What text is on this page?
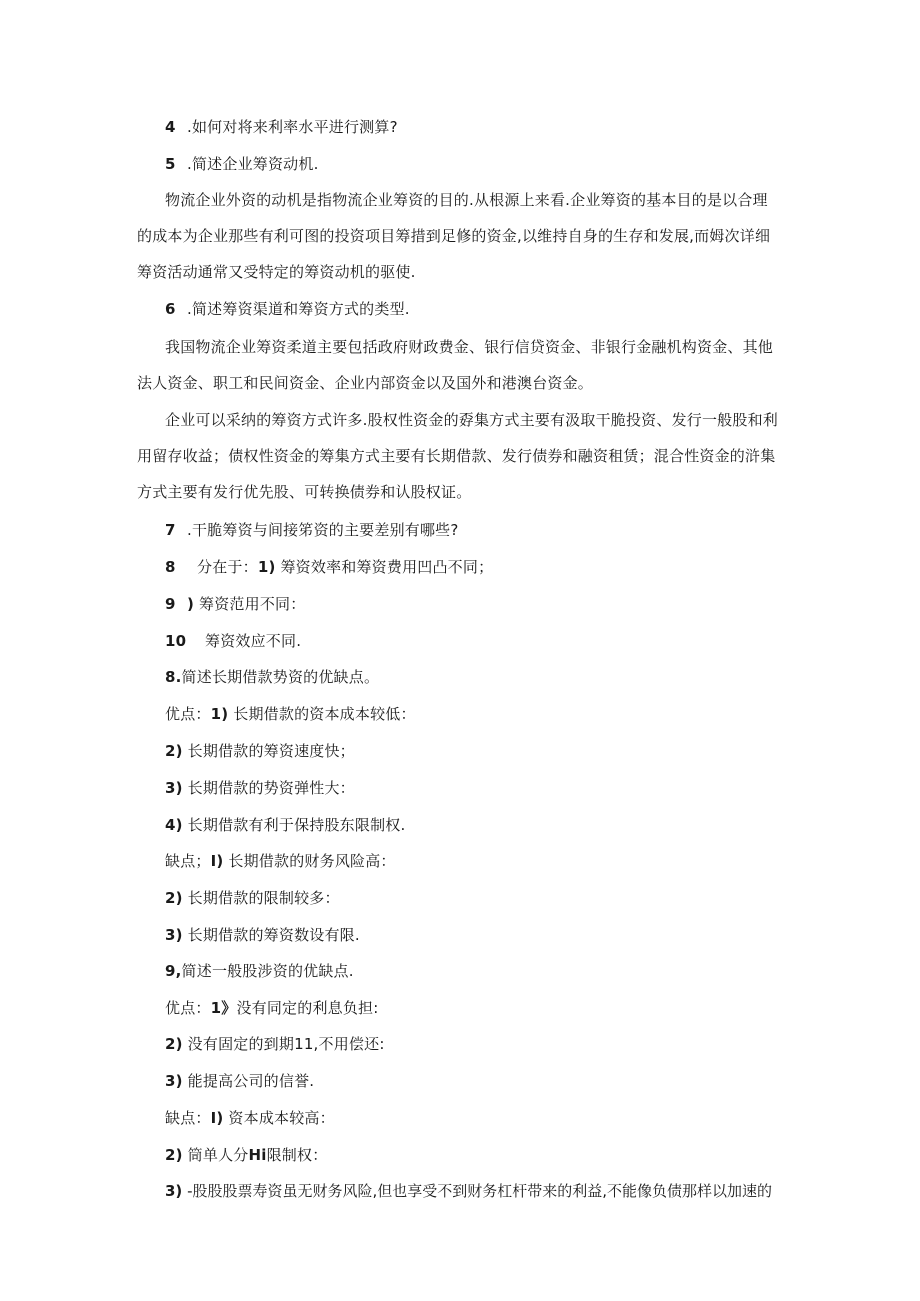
4 .如何对将来利率水平进行测算?
5 .简述企业筹资动机.
物流企业外资的动机是指物流企业筹资的目的.从根源上来看.企业筹资的基本目的是以合理
的成本为企业那些有利可图的投资项目筹措到足修的资金,以维持自身的生存和发展,而姆次详细
筹资活动通常又受特定的筹资动机的驱使.
6 .简述筹资渠道和筹资方式的类型.
我国物流企业筹资柔道主要包括政府财政费金、银行信贷资金、非银行金融机构资金、其他
法人资金、职工和民间资金、企业内部资金以及国外和港澳台资金。
企业可以采纳的筹资方式许多.股权性资金的孬集方式主要有汲取干脆投资、发行一般股和利
用留存收益；债权性资金的筹集方式主要有长期借款、发行债券和融资租赁；混合性资金的浒集
方式主要有发行优先股、可转换债券和认股权证。
7 .干脆筹资与间接笫资的主要差别有哪些?
8 分在于：1) 筹资效率和筹资费用凹凸不同；
9 ) 筹资范用不同：
10 筹资效应不同.
8.简述长期借款势资的优缺点。
优点：1) 长期借款的资本成本较低：
2) 长期借款的筹资速度快；
3) 长期借款的势资弹性大：
4) 长期借款有利于保持股东限制权.
缺点；I) 长期借款的财务风险高：
2) 长期借款的限制较多：
3) 长期借款的筹资数设有限.
9,简述一般股涉资的优缺点.
优点：1》没有同定的利息负担:
2) 没有固定的到期11,不用偿还:
3) 能提高公司的信誉.
缺点：I) 资本成本较高：
2) 筒单人分Hi限制权：
3) -股股股票寿资虽无财务风险,但也享受不到财务杠杆带来的利益,不能像负债那样以加速的
